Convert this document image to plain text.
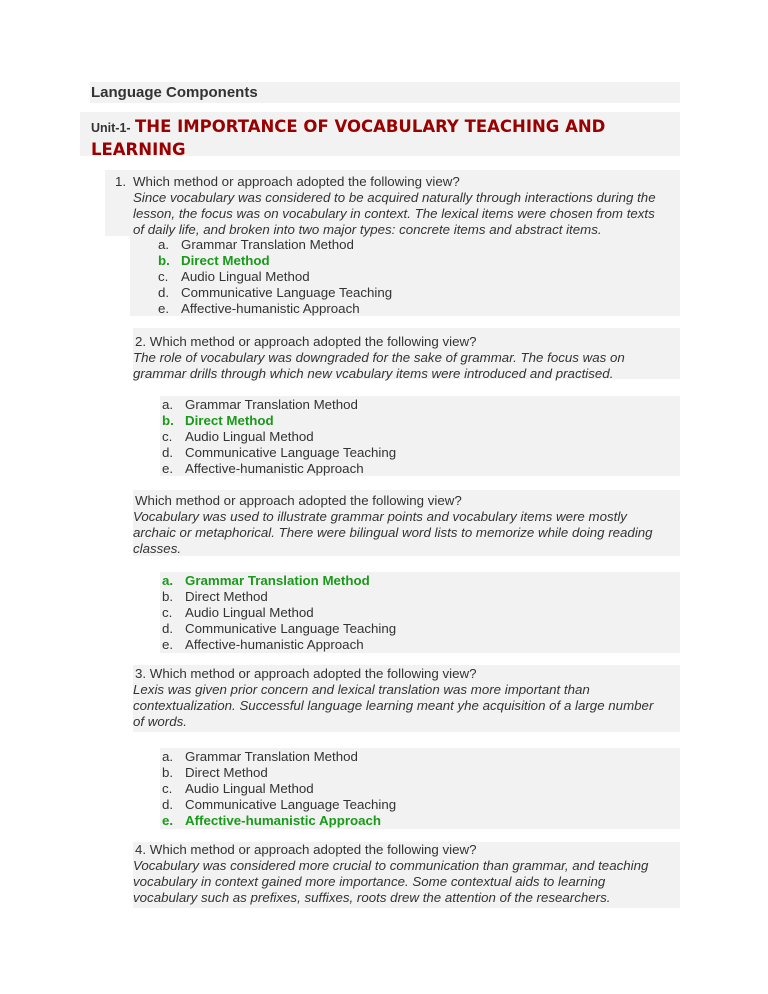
Language Components
Unit-1- THE IMPORTANCE OF VOCABULARY TEACHING AND LEARNING
1. Which method or approach adopted the following view?
Since vocabulary was considered to be acquired naturally through interactions during the
lesson, the focus was on vocabulary in context. The lexical items were chosen from texts
of daily life, and broken into two major types: concrete items and abstract items.
a. Grammar Translation Method
b. Direct Method
c. Audio Lingual Method
d. Communicative Language Teaching
e. Affective-humanistic Approach
2. Which method or approach adopted the following view?
The role of vocabulary was downgraded for the sake of grammar. The focus was on
grammar drills through which new vcabulary items were introduced and practised.
a. Grammar Translation Method
b. Direct Method
c. Audio Lingual Method
d. Communicative Language Teaching
e. Affective-humanistic Approach
Which method or approach adopted the following view?
Vocabulary was used to illustrate grammar points and vocabulary items were mostly
archaic or metaphorical. There were bilingual word lists to memorize while doing reading
classes.
a. Grammar Translation Method
b. Direct Method
c. Audio Lingual Method
d. Communicative Language Teaching
e. Affective-humanistic Approach
3. Which method or approach adopted the following view?
Lexis was given prior concern and lexical translation was more important than
contextualization. Successful language learning meant yhe acquisition of a large number
of words.
a. Grammar Translation Method
b. Direct Method
c. Audio Lingual Method
d. Communicative Language Teaching
e. Affective-humanistic Approach
4. Which method or approach adopted the following view?
Vocabulary was considered more crucial to communication than grammar, and teaching
vocabulary in context gained more importance. Some contextual aids to learning
vocabulary such as prefixes, suffixes, roots drew the attention of the researchers.
